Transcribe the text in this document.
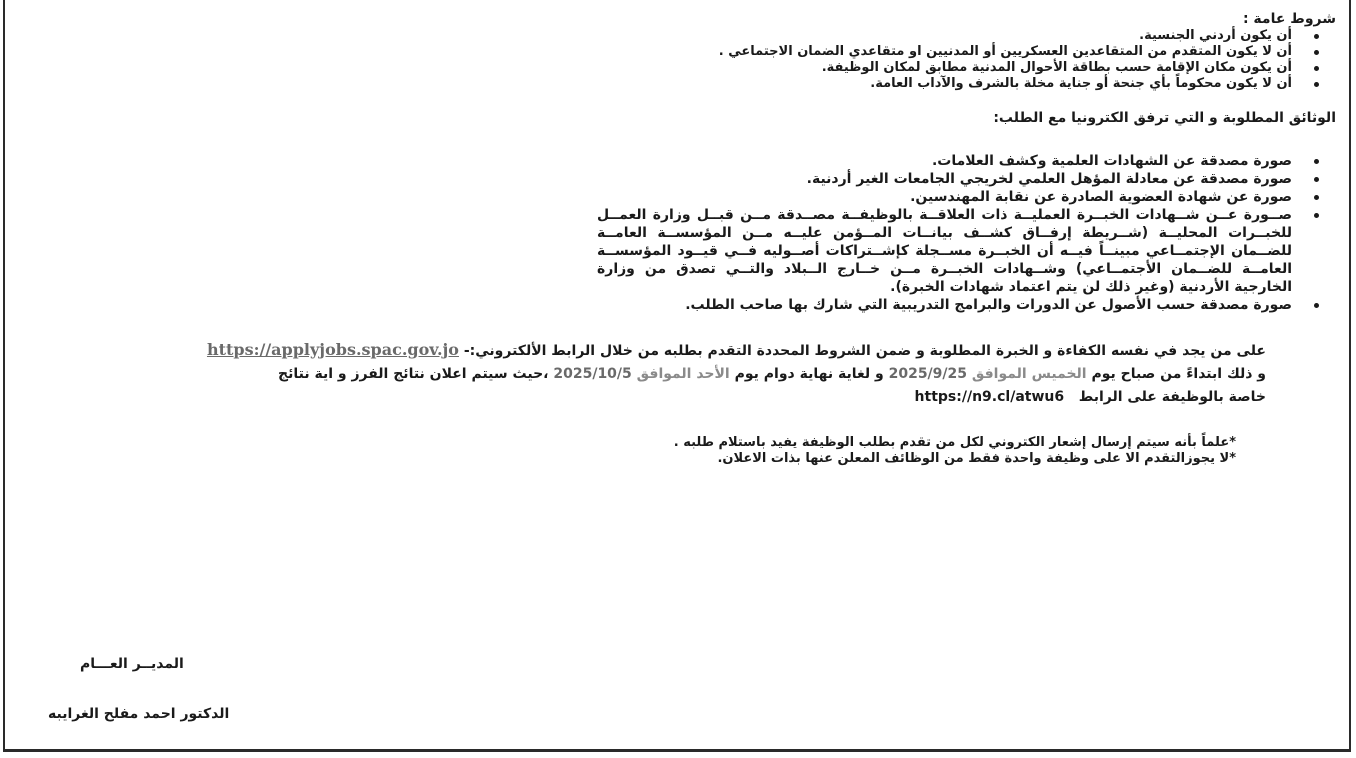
شروط عامة :

أن يكون أردني الجنسية.
أن لا يكون المتقدم من المتقاعدين العسكريين أو المدنيين او متقاعدي الضمان الاجتماعي .
أن يكون مكان الإقامة حسب بطاقة الأحوال المدنية مطابق لمكان الوظيفة.
أن لا يكون محكوماً بأي جنحة أو جناية مخلة بالشرف والآداب العامة.

الوثائق المطلوبة و التي ترفق الكترونيا مع الطلب:

صورة مصدقة عن الشهادات العلمية وكشف العلامات.
صورة مصدقة عن معادلة المؤهل العلمي لخريجي الجامعات الغير أردنية.
صورة عن شهادة العضوية الصادرة عن نقابة المهندسين.
صــورة عــن شــهادات الخبــرة العمليــة ذات العلاقــة بالوظيفــة مصــدقة مــن قبــل وزارة العمــل للخبــرات المحليــة (شــريطة إرفــاق كشــف بيانــات المــؤمن عليــه مــن المؤسســة العامــة للضــمان الإجتمــاعي مبينــاً فيــه أن الخبــرة مســجلة كإشــتراكات أصــوليه فــي قيــود المؤسســة العامــة للضــمان الأجتمــاعي) وشــهادات الخبــرة مــن خــارج الــبلاد والتــي تصدق من وزارة الخارجية الأردنية (وغير ذلك لن يتم اعتماد شهادات الخبرة).
صورة مصدقة حسب الأصول عن الدورات والبرامج التدريبية التي شارك بها صاحب الطلب.
على من يجد في نفسه الكفاءة و الخبرة المطلوبة و ضمن الشروط المحددة التقدم بطلبه من خلال الرابط الألكتروني:- https://applyjobs.spac.gov.jo
و ذلك ابتداءً من صباح يوم الخميس الموافق 2025/9/25 و لغاية نهاية دوام يوم الأحد الموافق 2025/10/5 ،حيث سيتم اعلان نتائج الفرز و اية نتائج
خاصة بالوظيفة على الرابط   https://n9.cl/atwu6
*علماً بأنه سيتم إرسال إشعار الكتروني لكل من تقدم بطلب الوظيفة يفيد باستلام طلبه .
*لا يجوزالتقدم الا على وظيفة واحدة فقط من الوظائف المعلن عنها بذات الاعلان.
المديــر العـــام
الدكتور احمد مفلح الغرايبه
